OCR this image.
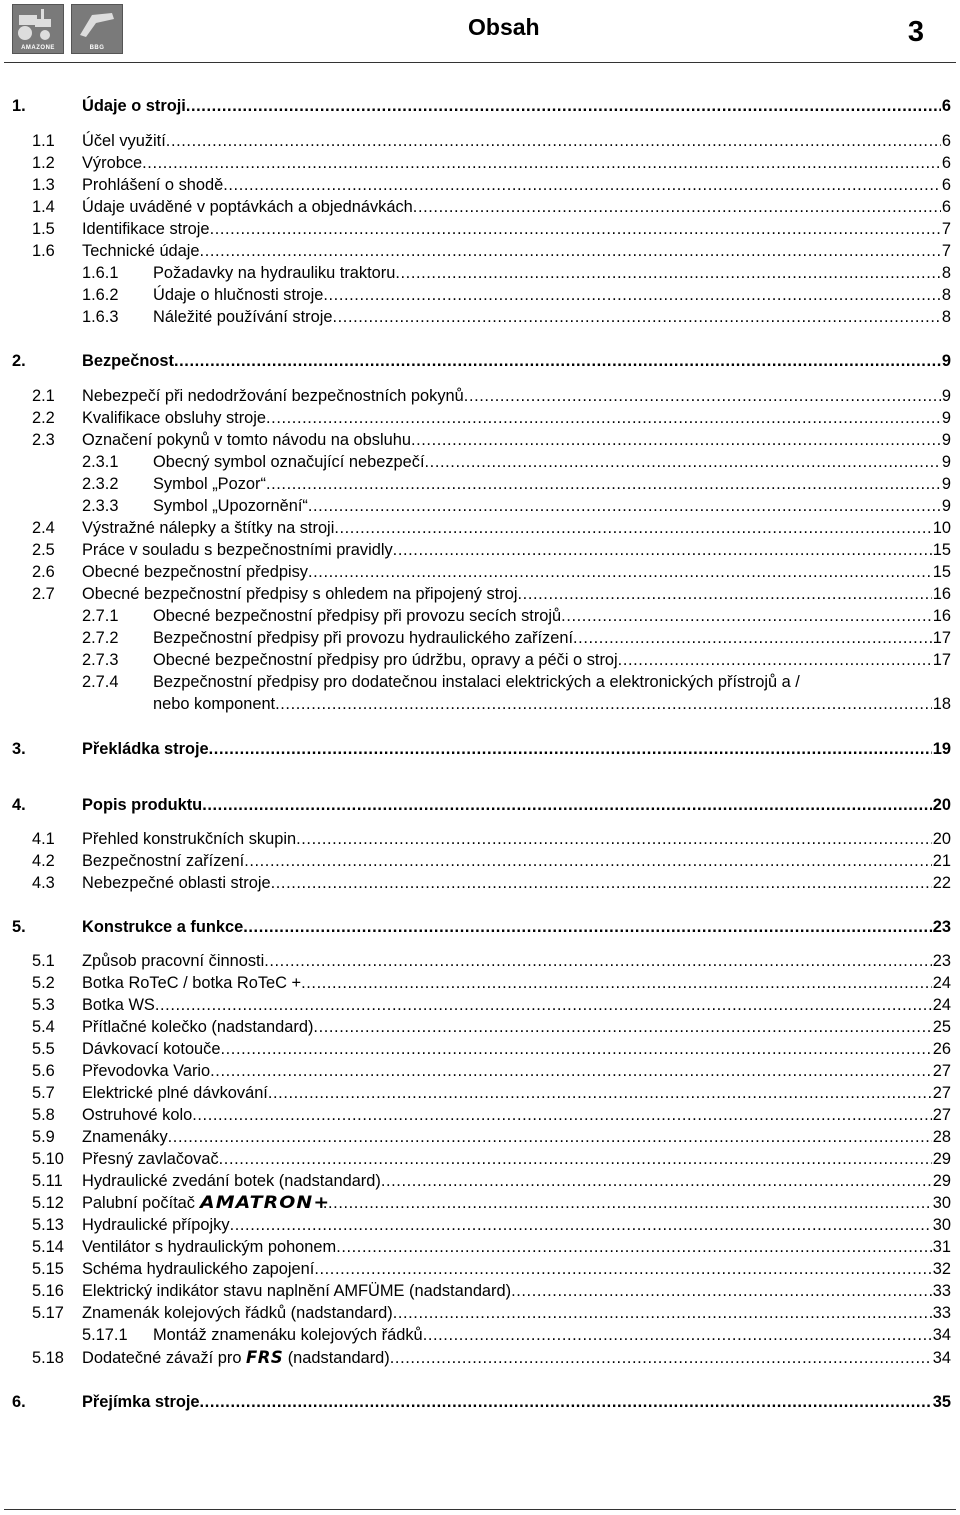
AMAZONE	BBG
Obsah	3
1.	Údaje o stroji .....	6
1.1 Účel využití .....	6
1.2 Výrobce .....	6
1.3 Prohlášení o shodě .....	6
1.4 Údaje uváděné v poptávkách a objednávkách .....	6
1.5 Identifikace stroje .....	7
1.6 Technické údaje .....	7
1.6.1 Požadavky na hydrauliku traktoru .....	8
1.6.2 Údaje o hlučnosti stroje .....	8
1.6.3 Náležité používání stroje .....	8
2.	Bezpečnost .....	9
2.1 Nebezpečí při nedodržování bezpečnostních pokynů .....	9
2.2 Kvalifikace obsluhy stroje .....	9
2.3 Označení pokynů v tomto návodu na obsluhu .....	9
2.3.1 Obecný symbol označující nebezpečí .....	9
2.3.2 Symbol „Pozor“ .....	9
2.3.3 Symbol „Upozornění“ .....	9
2.4 Výstražné nálepky a štítky na stroji .....	10
2.5 Práce v souladu s bezpečnostními pravidly .....	15
2.6 Obecné bezpečnostní předpisy .....	15
2.7 Obecné bezpečnostní předpisy s ohledem na připojený stroj .....	16
2.7.1 Obecné bezpečnostní předpisy při provozu secích strojů .....	16
2.7.2 Bezpečnostní předpisy při provozu hydraulického zařízení .....	17
2.7.3 Obecné bezpečnostní předpisy pro údržbu, opravy a péči o stroj .....	17
2.7.4 Bezpečnostní předpisy pro dodatečnou instalaci elektrických a elektronických přístrojů a /
nebo komponent .....	18
3.	Překládka stroje .....	19
4.	Popis produktu .....	20
4.1 Přehled konstrukčních skupin .....	20
4.2 Bezpečnostní zařízení .....	21
4.3 Nebezpečné oblasti stroje .....	22
5.	Konstrukce a funkce .....	23
5.1 Způsob pracovní činnosti .....	23
5.2 Botka RoTeC / botka RoTeC + .....	24
5.3 Botka WS .....	24
5.4 Přítlačné kolečko (nadstandard) .....	25
5.5 Dávkovací kotouče .....	26
5.6 Převodovka Vario .....	27
5.7 Elektrické plné dávkování .....	27
5.8 Ostruhové kolo .....	27
5.9 Znamenáky .....	28
5.10 Přesný zavlačovač .....	29
5.11 Hydraulické zvedání botek (nadstandard) .....	29
5.12 Palubní počítač AMATRON+ .....	30
5.13 Hydraulické přípojky .....	30
5.14 Ventilátor s hydraulickým pohonem .....	31
5.15 Schéma hydraulického zapojení .....	32
5.16 Elektrický indikátor stavu naplnění AMFÜME (nadstandard) .....	33
5.17 Znamenák kolejových řádků (nadstandard) .....	33
5.17.1 Montáž znamenáku kolejových řádků .....	34
5.18 Dodatečné závaží pro FRS (nadstandard) .....	34
6.	Přejímka stroje .....	35
